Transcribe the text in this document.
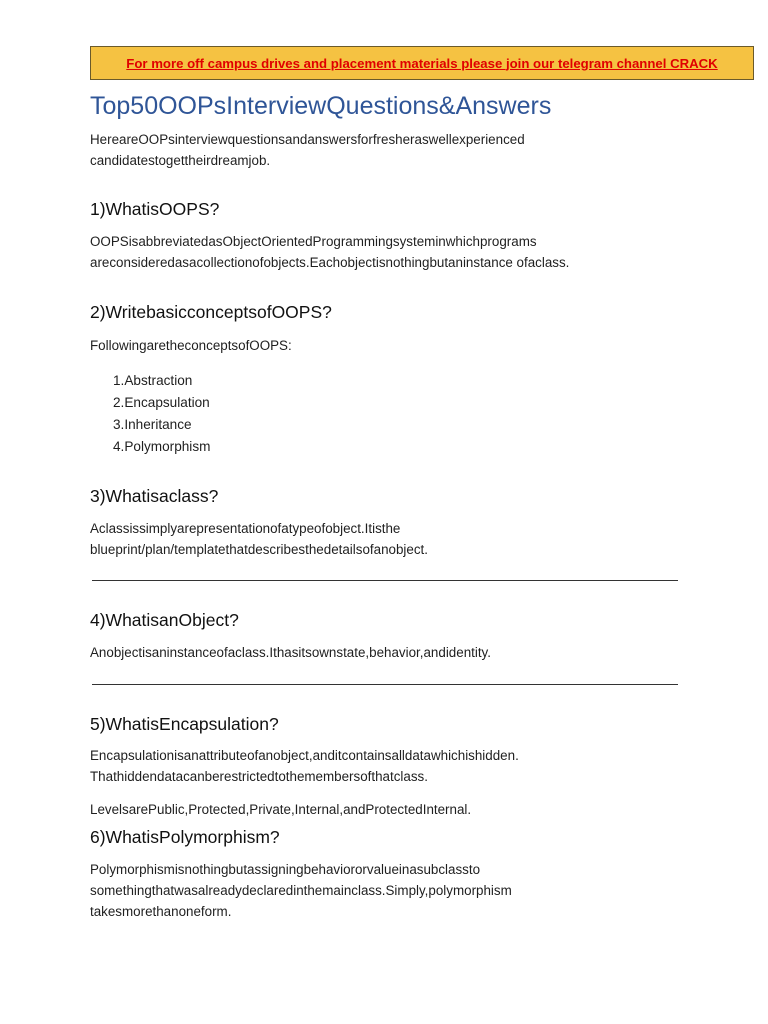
For more off campus drives and placement materials please join our telegram channel CRACK
Top50OOPsInterviewQuestions&Answers

HereareOOPsinterviewquestionsandanswersforfresheraswellexperienced
candidatestogettheirdreamjob.

1)WhatisOOPS?

OOPSisabbreviatedasObjectOrientedProgrammingsysteminwhichprograms
areconsideredasacollectionofobjects.Eachobjectisnothingbutaninstance ofaclass.

2)WritebasicconceptsofOOPS?

FollowingaretheconceptsofOOPS:

1.Abstraction
2.Encapsulation
3.Inheritance
4.Polymorphism
3)Whatisaclass?

Aclassissimplyarepresentationofatypeofobject.Itisthe
blueprint/plan/templatethatdescribesthedetailsofanobject.

4)WhatisanObject?

Anobjectisaninstanceofaclass.Ithasitsownstate,behavior,andidentity.

5)WhatisEncapsulation?

Encapsulationisanattributeofanobject,anditcontainsalldatawhichishidden.
Thathiddendatacanberestrictedtothemembersofthatclass.

LevelsarePublic,Protected,Private,Internal,andProtectedInternal.

6)WhatisPolymorphism?

Polymorphismisnothingbutassigningbehaviororvalueinasubclassto
somethingthatwasalreadydeclaredinthemainclass.Simply,polymorphism
takesmorethanoneform.
